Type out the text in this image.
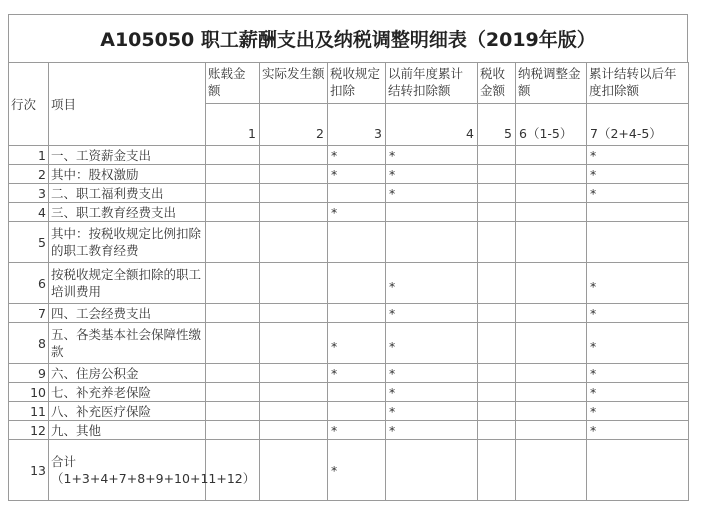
A105050 职工薪酬支出及纳税调整明细表（2019年版）
行次	项目	账载金额	实际发生额	税收规定扣除	以前年度累计结转扣除额	税收金额	纳税调整金额	累计结转以后年度扣除额
		1	2	3	4	5	6（1-5）	7（2+4-5）
1	一、工资薪金支出			*	*			*
2	其中：股权激励			*	*			*
3	二、职工福利费支出				*			*
4	三、职工教育经费支出			*				
5	其中：按税收规定比例扣除的职工教育经费							
6	按税收规定全额扣除的职工培训费用				*			*
7	四、工会经费支出				*			*
8	五、各类基本社会保障性缴款			*	*			*
9	六、住房公积金			*	*			*
10	七、补充养老保险				*			*
11	八、补充医疗保险				*			*
12	九、其他			*	*			*
13	合计（1+3+4+7+8+9+10+11+12）			*				
